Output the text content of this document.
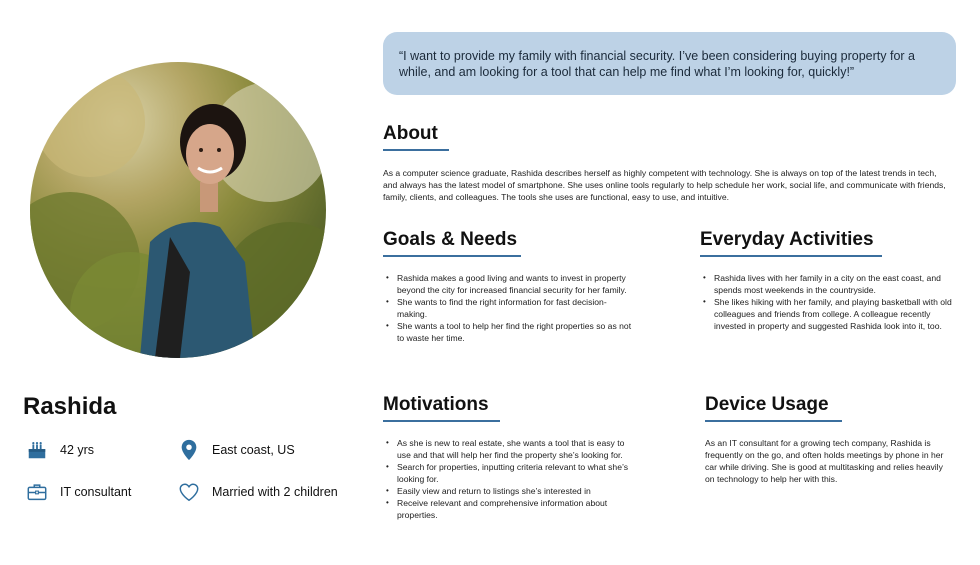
Rashida
42 yrs	East coast, US
IT consultant	Married with 2 children
“I want to provide my family with financial security. I’ve been considering buying property for a while, and am looking for a tool that can help me find what I’m looking for, quickly!”
About
As a computer science graduate, Rashida describes herself as highly competent with technology. She is always on top of the latest trends in tech, and always has the latest model of smartphone. She uses online tools regularly to help schedule her work, social life, and communicate with friends, family, clients, and colleagues. The tools she uses are functional, easy to use, and intuitive.
Goals & Needs
• Rashida makes a good living and wants to invest in property beyond the city for increased financial security for her family.
• She wants to find the right information for fast decision-making.
• She wants a tool to help her find the right properties so as not to waste her time.
Everyday Activities
• Rashida lives with her family in a city on the east coast, and spends most weekends in the countryside.
• She likes hiking with her family, and playing basketball with old colleagues and friends from college. A colleague recently invested in property and suggested Rashida look into it, too.
Motivations
• As she is new to real estate, she wants a tool that is easy to use and that will help her find the property she’s looking for.
• Search for properties, inputting criteria relevant to what she’s looking for.
• Easily view and return to listings she’s interested in
• Receive relevant and comprehensive information about properties.
Device Usage
As an IT consultant for a growing tech company, Rashida is frequently on the go, and often holds meetings by phone in her car while driving. She is good at multitasking and relies heavily on technology to help her with this.
